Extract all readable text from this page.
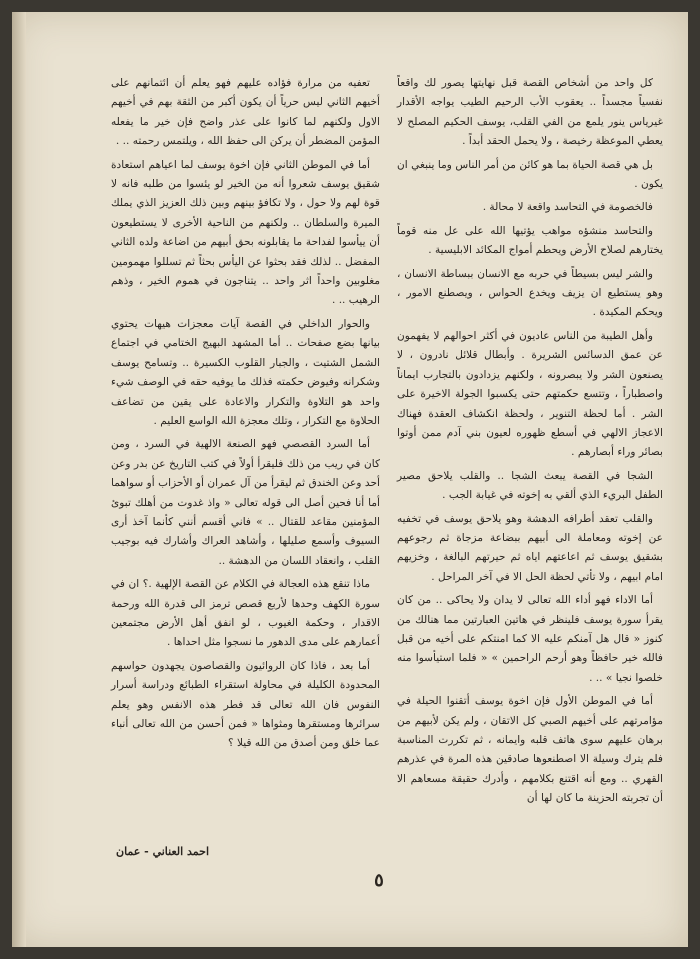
كل واحد من أشخاص القصة قبل نهايتها يصور لك واقعاً نفسياً مجسداً .. يعقوب الأب الرحيم الطيب يواجه الأقدار غيرياس ينور يلمع من الفي القلب، يوسف الحكيم المصلح لا يعطي الموعظة رخيصة ، ولا يحمل الحقد أبداً .

بل هي قصة الحياة بما هو كائن من أمر الناس وما ينبغي ان يكون .

فالخصومة في التحاسد واقعة لا محالة .

والتحاسد منشؤه مواهب يؤتيها الله على عل منه قوماً يختارهم لصلاح الأرض ويحطم أمواج المكائد الابليسية .

والشر ليس بسيطاً في حربه مع الانسان ببساطة الانسان ، وهو يستطيع ان يزيف ويخدع الحواس ، ويصطنع الامور ، ويحكم المكيدة .

وأهل الطيبة من الناس عاديون في أكثر احوالهم لا يفهمون عن عمق الدسائس الشريرة . وأبطال قلائل نادرون ، لا يصنعون الشر ولا يبصرونه ، ولكنهم يزدادون بالتجارب ايماناً واصطباراً ، وتتسع حكمتهم حتى يكسبوا الجولة الاخيرة على الشر . أما لحظة التنوير ، ولحظة انكشاف العقدة فهناك الاعجاز الالهي في أسطع ظهوره لعيون بني آدم ممن أوتوا بصائر وراء أبصارهم .

الشجا في القصة يبعث الشجا .. والقلب يلاحق مصير الطفل البريء الذي ألقي به إخوته في غيابة الجب .

والقلب تعقد أطرافه الدهشة وهو يلاحق يوسف في تخفيه عن إخوته ومعاملة الى أبيهم ببضاعة مزجاة ثم رجوعهم بشقيق يوسف ثم اعاعتهم اياه ثم حيرتهم البالغة ، وخزيهم امام ابيهم ، ولا تأتي لحظة الحل الا في آخر المراحل .

أما الاداء فهو أداء الله تعالى لا يدان ولا يحاكى .. من كان يقرأ سورة يوسف فلينظر في هاتين العبارتين مما هنالك من كنوز « قال هل آمنكم عليه الا كما امنتكم على أخيه من قبل فالله خير حافظاً وهو أرحم الراحمين » « فلما استيأسوا منه خلصوا نجيا » .. .

أما في الموطن الأول فإن اخوة يوسف أتقنوا الحيلة في مؤامرتهم على أخيهم الصبي كل الاتقان ، ولم يكن لأبيهم من برهان عليهم سوى هاتف قلبه وايمانه ، ثم تكررت المناسبة فلم يترك وسيلة الا اصطنعوها صادقين هذه المرة في عذرهم القهري .. ومع أنه اقتنع بكلامهم ، وأدرك حقيقة مسعاهم الا أن تجربته الحزينة ما كان لها أن

تعفيه من مرارة فؤاده عليهم فهو يعلم أن ائتمانهم على أخيهم الثاني ليس حرياً أن يكون أكبر من الثقة بهم في أخيهم الاول ولكنهم لما كانوا على عذر واضح فإن خير ما يفعله المؤمن المضطر أن يركن الى حفظ الله ، ويلتمس رحمته .. .

أما في الموطن الثاني فإن اخوة يوسف لما اعياهم استعادة شقيق يوسف شعروا أنه من الخير لو يئسوا من طلبه فانه لا قوة لهم ولا حول ، ولا تكافؤ بينهم وبين ذلك العزيز الذي يملك الميرة والسلطان .. ولكنهم من الناحية الأخرى لا يستطيعون أن ييأسوا لفداحة ما يقابلونه بحق أبيهم من اضاعة ولده الثاني المفضل .. لذلك فقد بحثوا عن اليأس بحثاً ثم تسللوا مهمومين مغلوبين واحداً اثر واحد .. يتناجون في هموم الخير ، وذهم الرهيب .. .

والحوار الداخلي في القصة آيات معجزات هيهات يحتوي بيانها بضع صفحات .. أما المشهد البهيج الختامي في اجتماع الشمل الشتيت ، والجبار القلوب الكسيرة .. وتسامح يوسف وشكرانه وفيوض حكمته فذلك ما يوفيه حقه في الوصف شيء واحد هو التلاوة والتكرار والاعادة على يقين من تضاعف الحلاوة مع التكرار ، وتلك معجزة الله الواسع العليم .

أما السرد القصصي فهو الصنعة الالهية في السرد ، ومن كان في ريب من ذلك فليقرأ أولاً في كتب التاريخ عن بدر وعن أحد وعن الخندق ثم ليقرأ من آل عمران أو الأحزاب أو سواهما أما أنا فحين أصل الى قوله تعالى « واذ غدوت من أهلك تبوئ المؤمنين مقاعد للقتال .. » فاني أقسم أنني كأنما آخذ أرى السيوف وأسمع صليلها ، وأشاهد العراك وأشارك فيه بوجيب القلب ، وانعقاد اللسان من الدهشة ..

ماذا تنقع هذه العجالة في الكلام عن القصة الإلهية .؟ ان في سورة الكهف وحدها لأربع قصص ترمز الى قدرة الله ورحمة الاقدار ، وحكمة الغيوب ، لو انفق أهل الأرض مجتمعين أعمارهم على مدى الدهور ما نسجوا مثل احداها .

أما بعد ، فاذا كان الروائيون والقصاصون يجهدون حواسهم المحدودة الكليلة في محاولة استقراء الطبائع ودراسة أسرار النفوس فان الله تعالى قد فطر هذه الانفس وهو يعلم سرائرها ومستقرها ومثواها « فمن أحسن من الله تعالى أنباء عما خلق ومن أصدق من الله قيلا ؟

احمد العناني - عمان
٥
